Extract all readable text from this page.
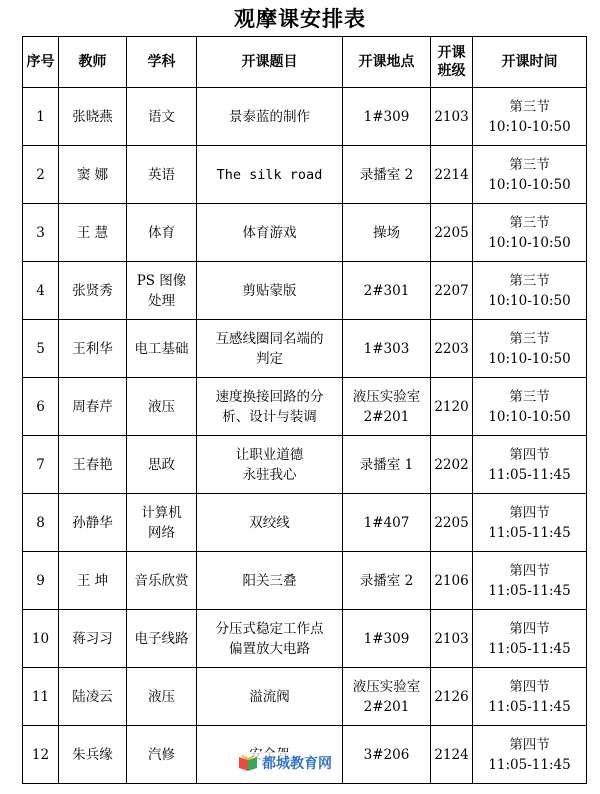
观摩课安排表
序号	教师	学科	开课题目	开课地点	开课班级	开课时间
1	张晓燕	语文	景泰蓝的制作	1#309	2103	第三节
10:10-10:50

2	窦 娜	英语	The silk road	录播室 2	2214	第三节
10:10-10:50

3	王 慧	体育	体育游戏	操场	2205	第三节
10:10-10:50

4	张贤秀	PS 图像
处理	剪贴蒙版	2#301	2207	第三节
10:10-10:50

5	王利华	电工基础	互感线圈同名端的
判定	1#303	2203	第三节
10:10-10:50

6	周春芹	液压	速度换接回路的分
析、设计与装调	液压实验室
2#201	2120	第三节
10:10-10:50

7	王春艳	思政	让职业道德
永驻我心	录播室 1	2202	第四节
11:05-11:45

8	孙静华	计算机
网络	双绞线	1#407	2205	第四节
11:05-11:45

9	王 坤	音乐欣赏	阳关三叠	录播室 2	2106	第四节
11:05-11:45

10	蒋习习	电子线路	分压式稳定工作点
偏置放大电路	1#309	2103	第四节
11:05-11:45

11	陆凌云	液压	溢流阀	液压实验室
2#201	2126	第四节
11:05-11:45

12	朱兵缘	汽修		3#206	2124	第四节
11:05-11:45
都城教育网
